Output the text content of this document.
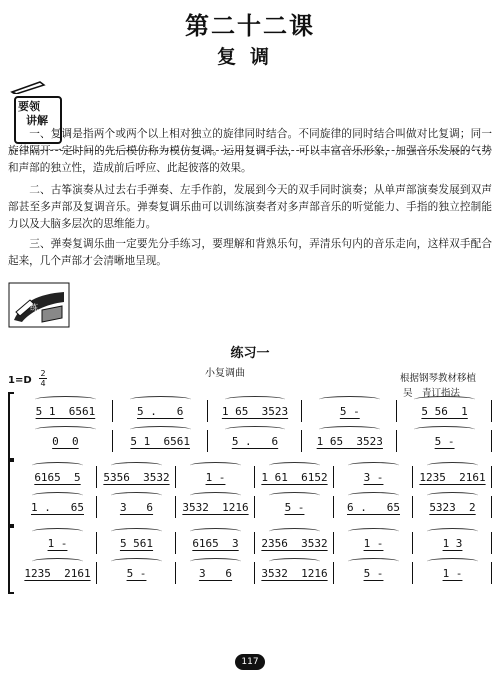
第二十二课
复调
要领
讲解
一、复调是指两个或两个以上相对独立的旋律同时结合。不同旋律的同时结合叫做对比复调；同一旋律隔开一定时间的先后模仿称为模仿复调。运用复调手法，可以丰富音乐形象，加强音乐发展的气势和声部的独立性，造成前后呼应、此起彼落的效果。
二、古筝演奏从过去右手弹奏、左手作韵，发展到今天的双手同时演奏；从单声部演奏发展到双声部甚至多声部及复调音乐。弹奏复调乐曲可以训练演奏者对多声部音乐的听觉能力、手指的独立控制能力以及大脑多层次的思维能力。
三、弹奏复调乐曲一定要先分手练习，要理解和背熟乐句，弄清乐句内的音乐走向，这样双手配合起来，几个声部才会清晰地呈现。
练
练习一
小复调曲	根据钢琴教材移植
吴　青订指法
1=D
2
4
5 1  6561	5 .   6	1 65  3523	5 -	5 56  1
0  0	5 1  6561	5 .   6	1 65  3523	5 -
6165  5	5356  3532	1 -	1 61  6152	3 -	1235  2161
1 .   65	3   6	3532  1216	5 -	6 .   65	5323  2
1 -	5 561	6165  3	2356  3532	1 -	1 3
1235  2161	5 -	3   6	3532  1216	5 -	1 -
117
